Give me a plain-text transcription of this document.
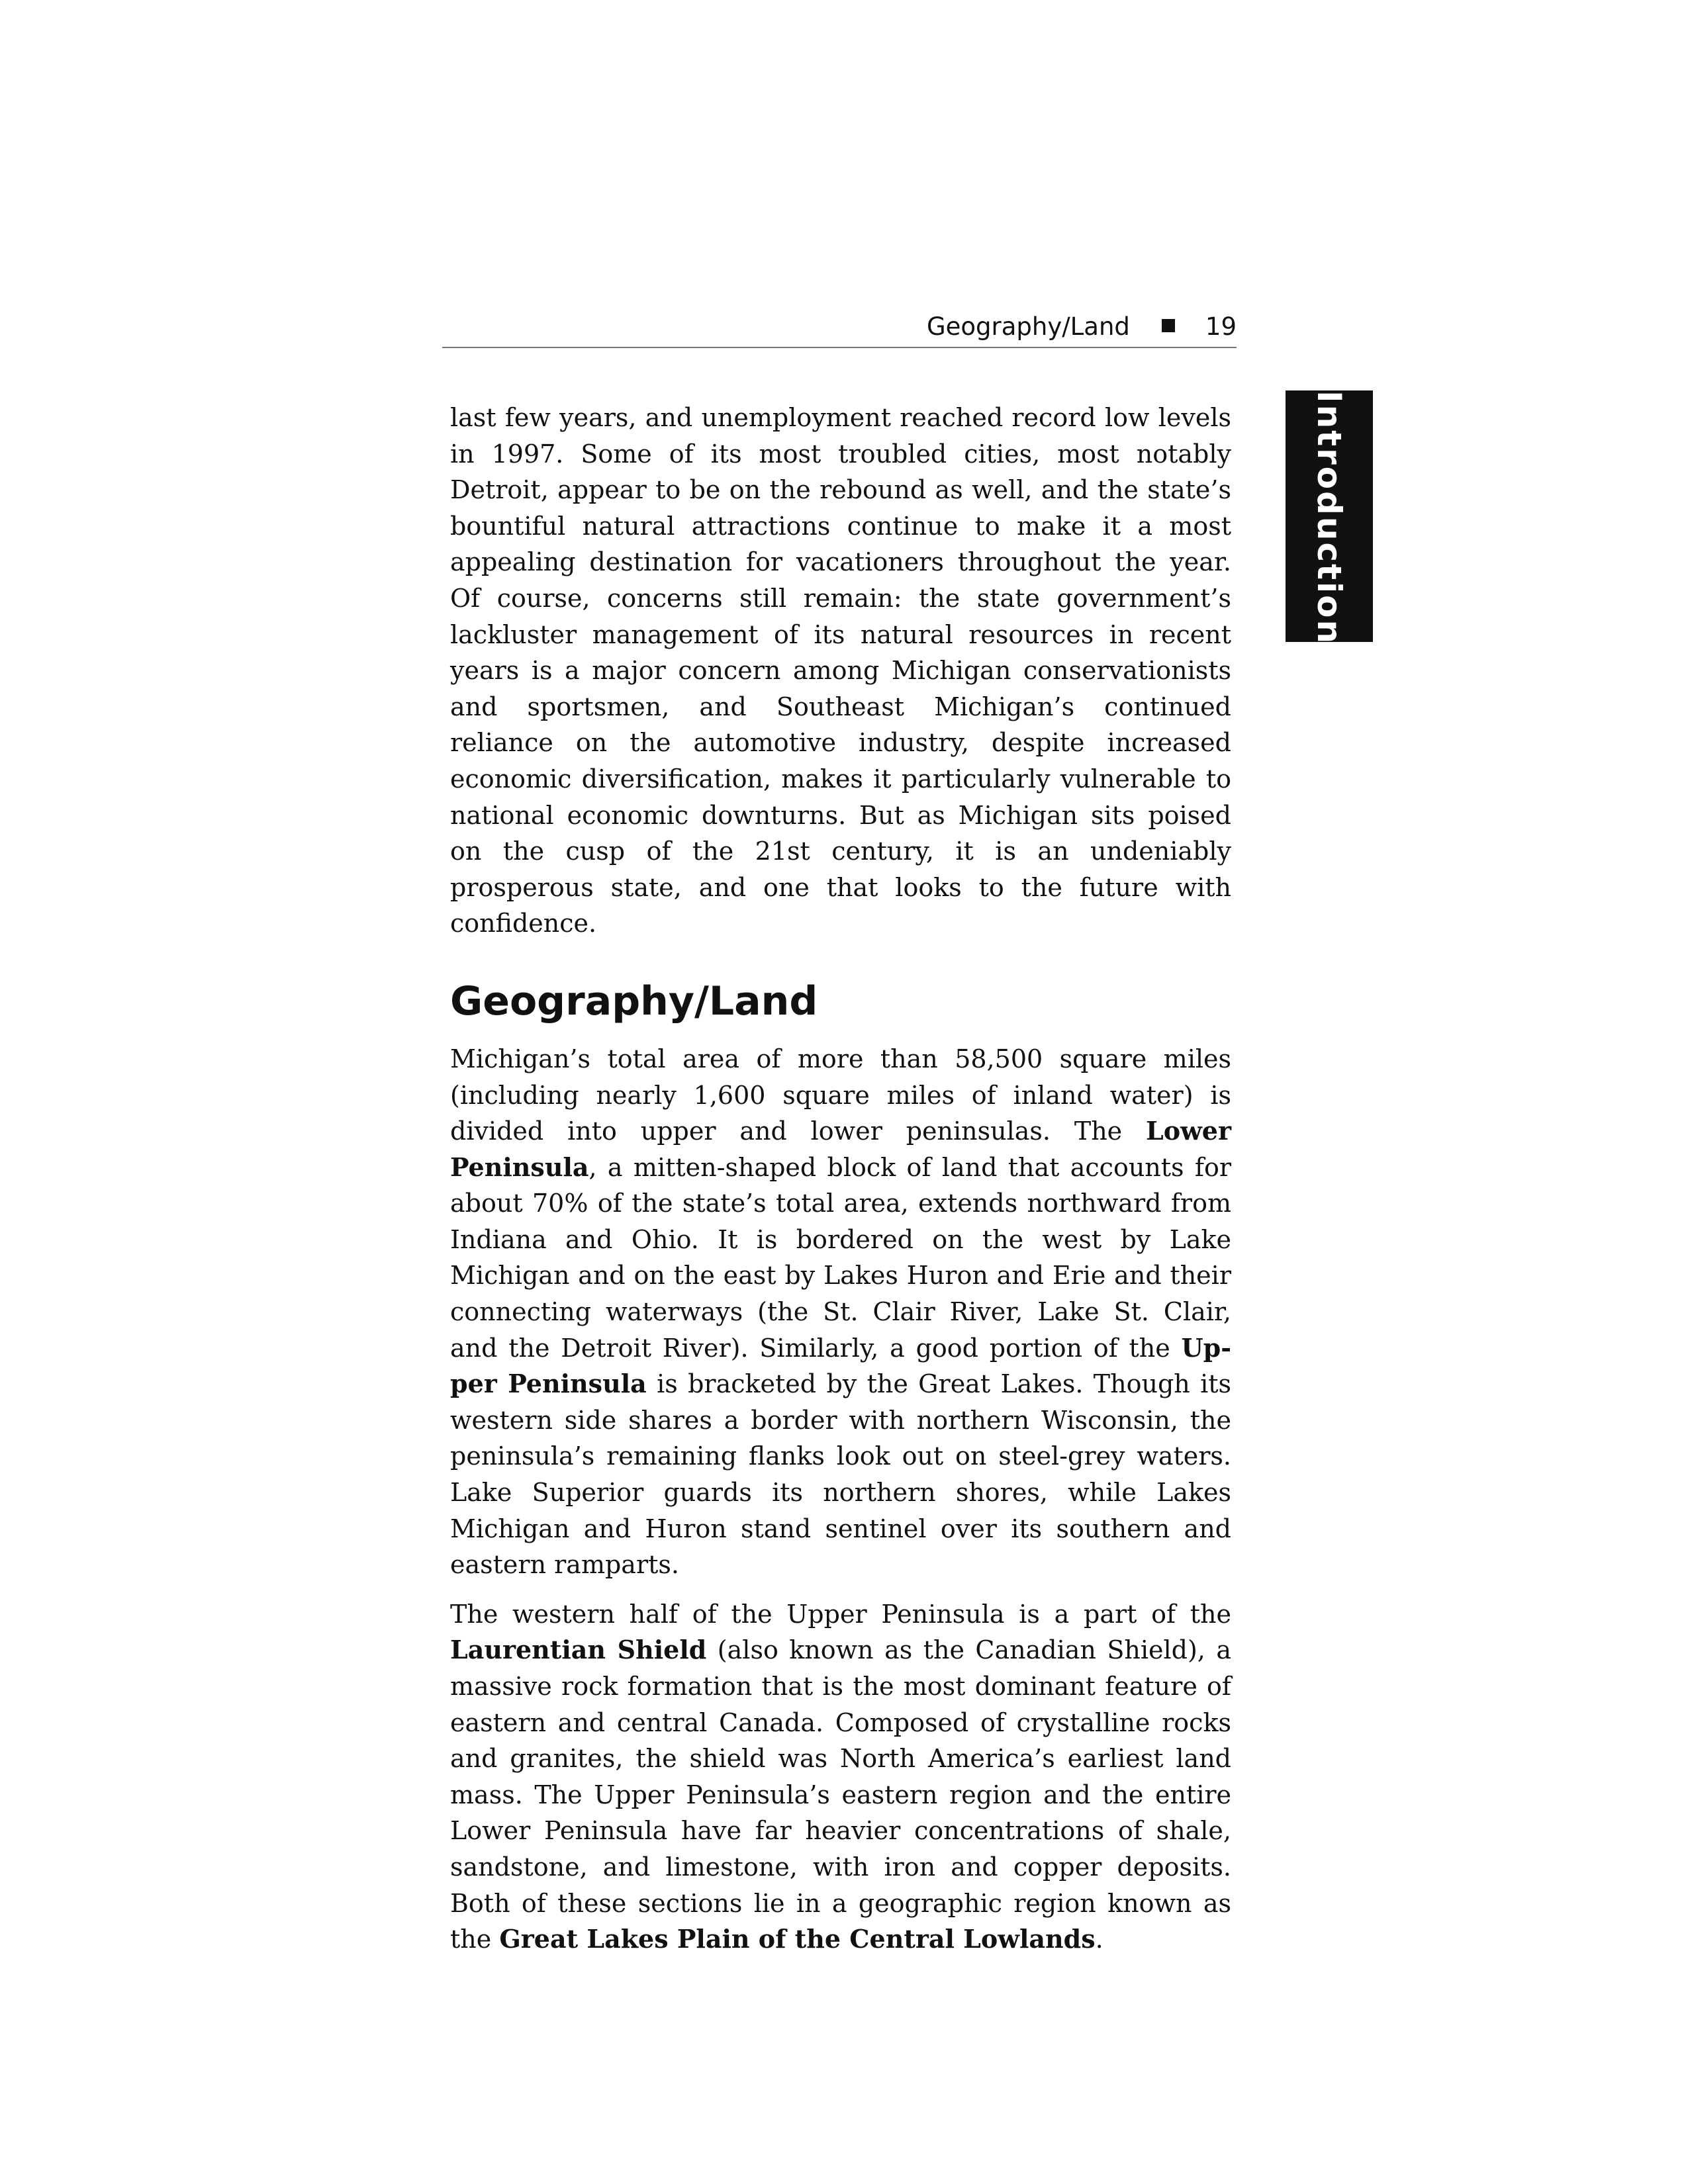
Geography/Land	19
Introduction

last few years, and unemployment reached record low levels in 1997. Some of its most troubled cities, most notably Detroit, appear to be on the rebound as well, and the state’s bountiful natural attractions continue to make it a most appealing destination for vacationers throughout the year. Of course, concerns still remain: the state government’s lackluster management of its natural resources in recent years is a major concern among Michigan conservationists and sportsmen, and Southeast Michigan’s continued reliance on the automotive industry, despite increased economic diversification, makes it particularly vulnerable to national economic downturns. But as Michigan sits poised on the cusp of the 21st century, it is an undeniably prosperous state, and one that looks to the future with confidence.

Geography/Land

Michigan’s total area of more than 58,500 square miles (including nearly 1,600 square miles of inland water) is divided into upper and lower peninsulas. The Lower Peninsula, a mitten-shaped block of land that accounts for about 70% of the state’s total area, extends northward from Indiana and Ohio. It is bordered on the west by Lake Michigan and on the east by Lakes Huron and Erie and their connecting waterways (the St. Clair River, Lake St. Clair, and the Detroit River). Similarly, a good portion of the Upper Peninsula is bracketed by the Great Lakes. Though its western side shares a border with northern Wisconsin, the peninsula’s remaining flanks look out on steel-grey waters. Lake Superior guards its northern shores, while Lakes Michigan and Huron stand sentinel over its southern and eastern ramparts.

The western half of the Upper Peninsula is a part of the Laurentian Shield (also known as the Canadian Shield), a massive rock formation that is the most dominant feature of eastern and central Canada. Composed of crystalline rocks and granites, the shield was North America’s earliest land mass. The Upper Peninsula’s eastern region and the entire Lower Peninsula have far heavier concentrations of shale, sandstone, and limestone, with iron and copper deposits. Both of these sections lie in a geographic region known as the Great Lakes Plain of the Central Lowlands.
